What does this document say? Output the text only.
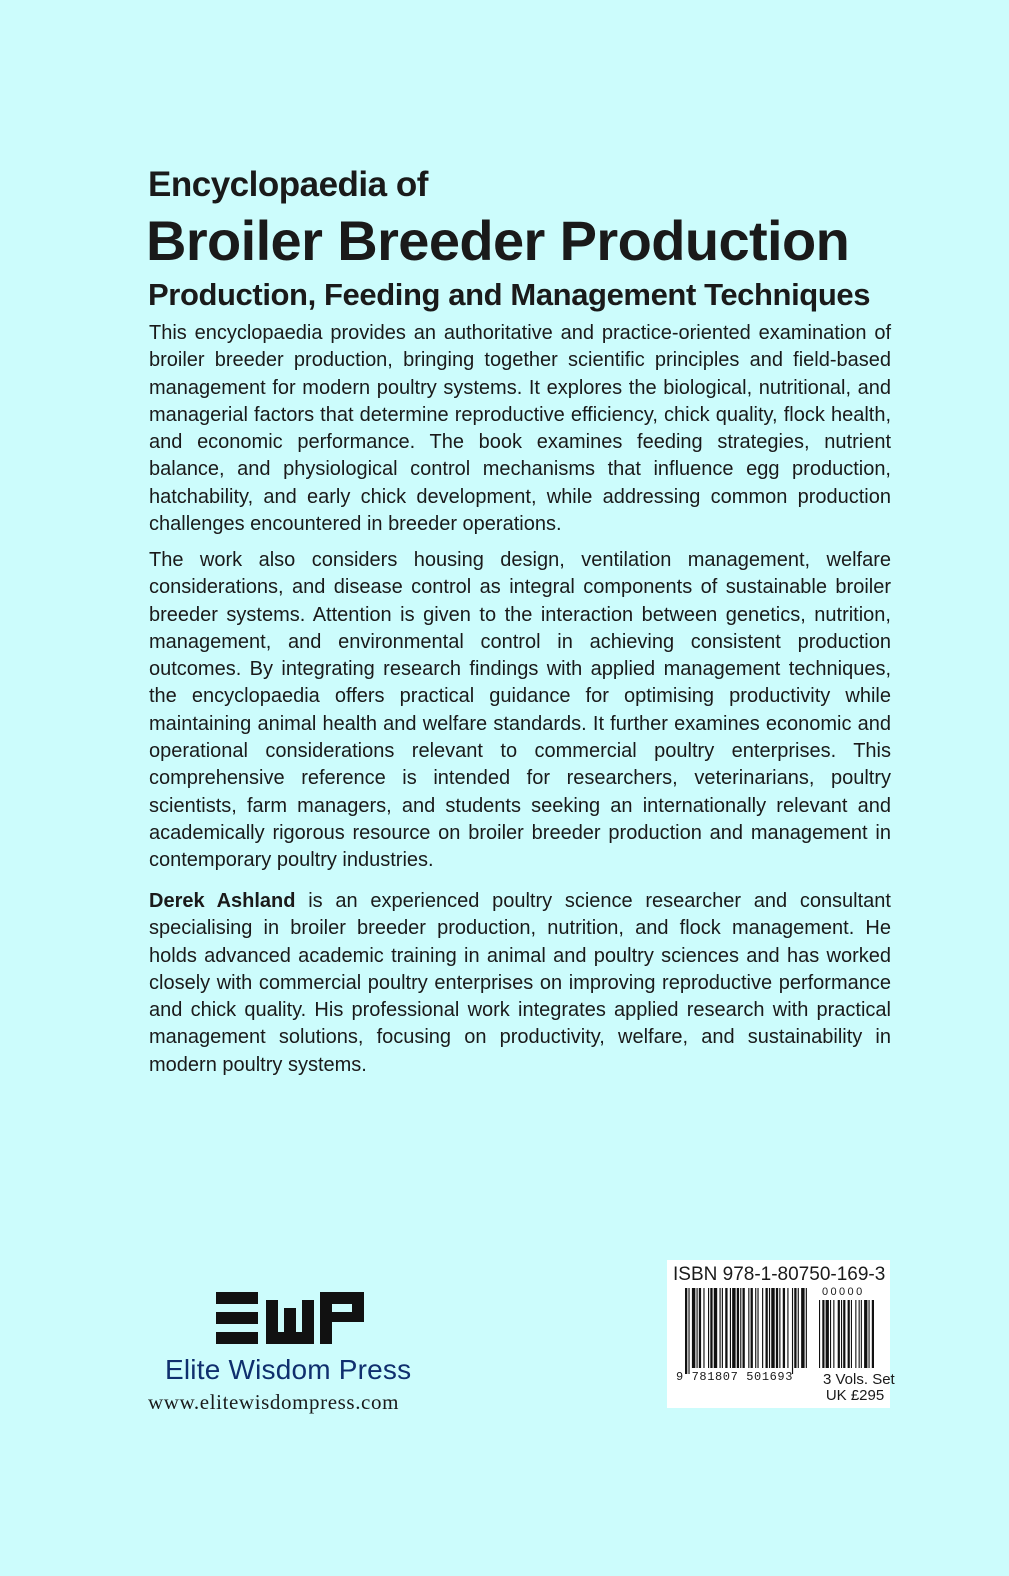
Encyclopaedia of
Broiler Breeder Production
Production, Feeding and Management Techniques

This encyclopaedia provides an authoritative and practice-oriented examination of broiler breeder production, bringing together scientific principles and field-based management for modern poultry systems. It explores the biological, nutritional, and managerial factors that determine reproductive efficiency, chick quality, flock health, and economic performance. The book examines feeding strategies, nutrient balance, and physiological control mechanisms that influence egg production, hatchability, and early chick development, while addressing common production challenges encountered in breeder operations.

The work also considers housing design, ventilation management, welfare considerations, and disease control as integral components of sustainable broiler breeder systems. Attention is given to the interaction between genetics, nutrition, management, and environmental control in achieving consistent production outcomes. By integrating research findings with applied management techniques, the encyclopaedia offers practical guidance for optimising productivity while maintaining animal health and welfare standards. It further examines economic and operational considerations relevant to commercial poultry enterprises. This comprehensive reference is intended for researchers, veterinarians, poultry scientists, farm managers, and students seeking an internationally relevant and academically rigorous resource on broiler breeder production and management in contemporary poultry industries.

Derek Ashland is an experienced poultry science researcher and consultant specialising in broiler breeder production, nutrition, and flock management. He holds advanced academic training in animal and poultry sciences and has worked closely with commercial poultry enterprises on improving reproductive performance and chick quality. His professional work integrates applied research with practical management solutions, focusing on productivity, welfare, and sustainability in modern poultry systems.

Elite Wisdom Press
www.elitewisdompress.com
ISBN 978-1-80750-169-3
00000
9 781807 501693 3 Vols. Set
UK £295
